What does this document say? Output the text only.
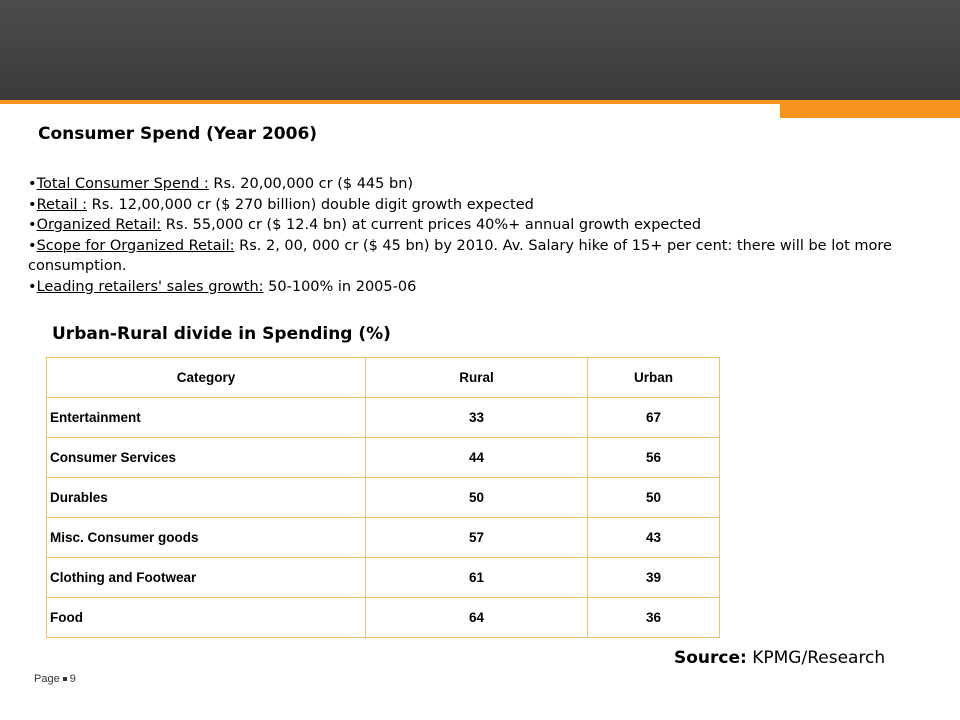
Consumer Spend (Year 2006)
• Total Consumer Spend : Rs. 20,00,000 cr ($ 445 bn)
• Retail : Rs. 12,00,000 cr ($ 270 billion) double digit growth expected
• Organized Retail: Rs. 55,000 cr ($ 12.4 bn) at current prices 40%+ annual growth expected
• Scope for Organized Retail: Rs. 2, 00, 000 cr ($ 45 bn) by 2010. Av. Salary hike of 15+ per cent: there will be lot more consumption.
• Leading retailers' sales growth: 50-100% in 2005-06
Urban-Rural divide in Spending (%)
Category	Rural	Urban
Entertainment	33	67
Consumer Services	44	56
Durables	50	50
Misc. Consumer goods	57	43
Clothing and Footwear	61	39
Food	64	36

Source: KPMG/Research

Page 9
